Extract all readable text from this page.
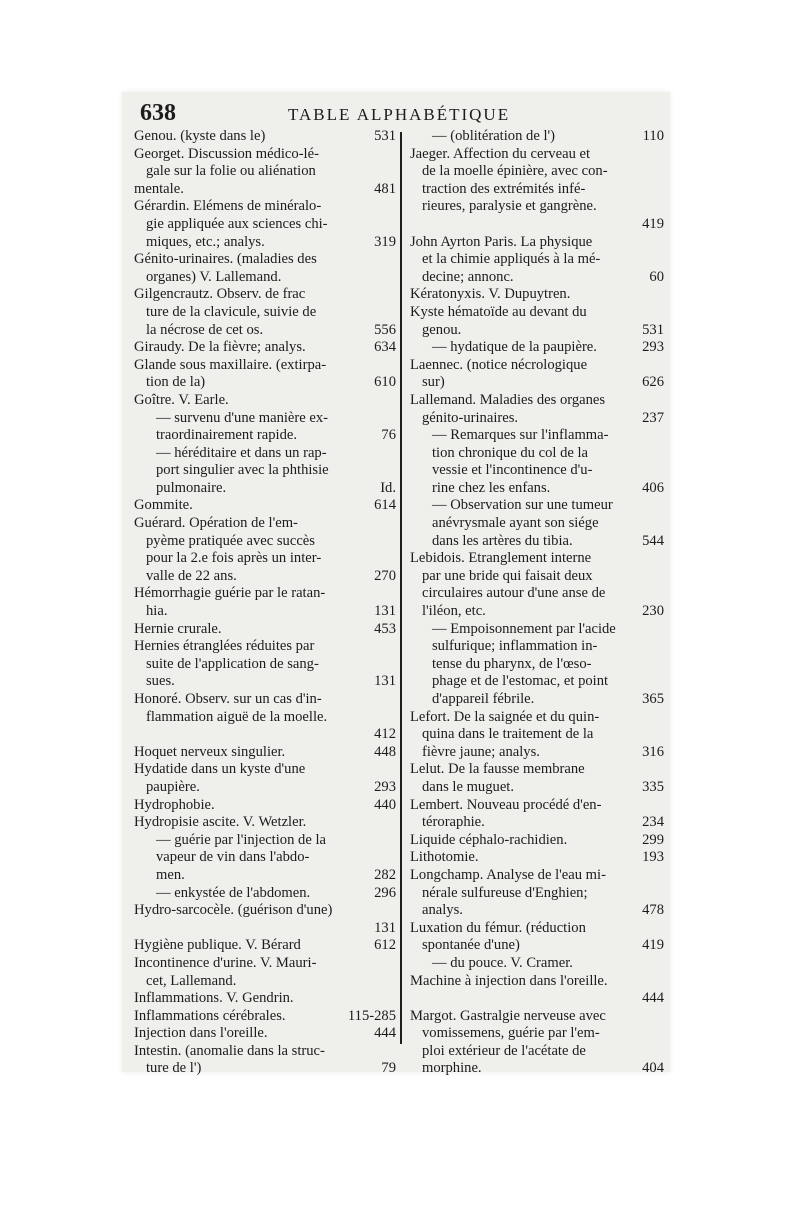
638	TABLE ALPHABÉTIQUE
Genou. (kyste dans le)	531
Georget. Discussion médico-lé-
gale sur la folie ou aliénation
mentale.	481
Gérardin. Elémens de minéralo-
gie appliquée aux sciences chi-
miques, etc.; analys.	319
Génito-urinaires. (maladies des
organes) V. Lallemand.
Gilgencrautz. Observ. de frac
ture de la clavicule, suivie de
la nécrose de cet os.	556
Giraudy. De la fièvre; analys.	634
Glande sous maxillaire. (extirpa-
tion de la)	610
Goître. V. Earle.
— survenu d'une manière ex-
traordinairement rapide.	76
— héréditaire et dans un rap-
port singulier avec la phthisie
pulmonaire.	Id.
Gommite.	614
Guérard. Opération de l'em-
pyème pratiquée avec succès
pour la 2.e fois après un inter-
valle de 22 ans.	270
Hémorrhagie guérie par le ratan-
hia.	131
Hernie crurale.	453
Hernies étranglées réduites par
suite de l'application de sang-
sues.	131
Honoré. Observ. sur un cas d'in-
flammation aiguë de la moelle.
412
Hoquet nerveux singulier.	448
Hydatide dans un kyste d'une
paupière.	293
Hydrophobie.	440
Hydropisie ascite. V. Wetzler.
— guérie par l'injection de la
vapeur de vin dans l'abdo-
men.	282
— enkystée de l'abdomen.	296
Hydro-sarcocèle. (guérison d'une)
131
Hygiène publique. V. Bérard	612
Incontinence d'urine. V. Mauri-
cet, Lallemand.
Inflammations. V. Gendrin.
Inflammations cérébrales.	115-285
Injection dans l'oreille.	444
Intestin. (anomalie dans la struc-
ture de l')	79
— (oblitération de l')	110
Jaeger. Affection du cerveau et
de la moelle épinière, avec con-
traction des extrémités infé-
rieures, paralysie et gangrène.
419
John Ayrton Paris. La physique
et la chimie appliqués à la mé-
decine; annonc.	60
Kératonyxis. V. Dupuytren.
Kyste hématoïde au devant du
genou.	531
— hydatique de la paupière.	293
Laennec. (notice nécrologique
sur)	626
Lallemand. Maladies des organes
génito-urinaires.	237
— Remarques sur l'inflamma-
tion chronique du col de la
vessie et l'incontinence d'u-
rine chez les enfans.	406
— Observation sur une tumeur
anévrysmale ayant son siége
dans les artères du tibia.	544
Lebidois. Etranglement interne
par une bride qui faisait deux
circulaires autour d'une anse de
l'iléon, etc.	230
— Empoisonnement par l'acide
sulfurique; inflammation in-
tense du pharynx, de l'œso-
phage et de l'estomac, et point
d'appareil fébrile.	365
Lefort. De la saignée et du quin-
quina dans le traitement de la
fièvre jaune; analys.	316
Lelut. De la fausse membrane
dans le muguet.	335
Lembert. Nouveau procédé d'en-
téroraphie.	234
Liquide céphalo-rachidien.	299
Lithotomie.	193
Longchamp. Analyse de l'eau mi-
nérale sulfureuse d'Enghien;
analys.	478
Luxation du fémur. (réduction
spontanée d'une)	419
— du pouce. V. Cramer.
Machine à injection dans l'oreille.
444
Margot. Gastralgie nerveuse avec
vomissemens, guérie par l'em-
ploi extérieur de l'acétate de
morphine.	404
